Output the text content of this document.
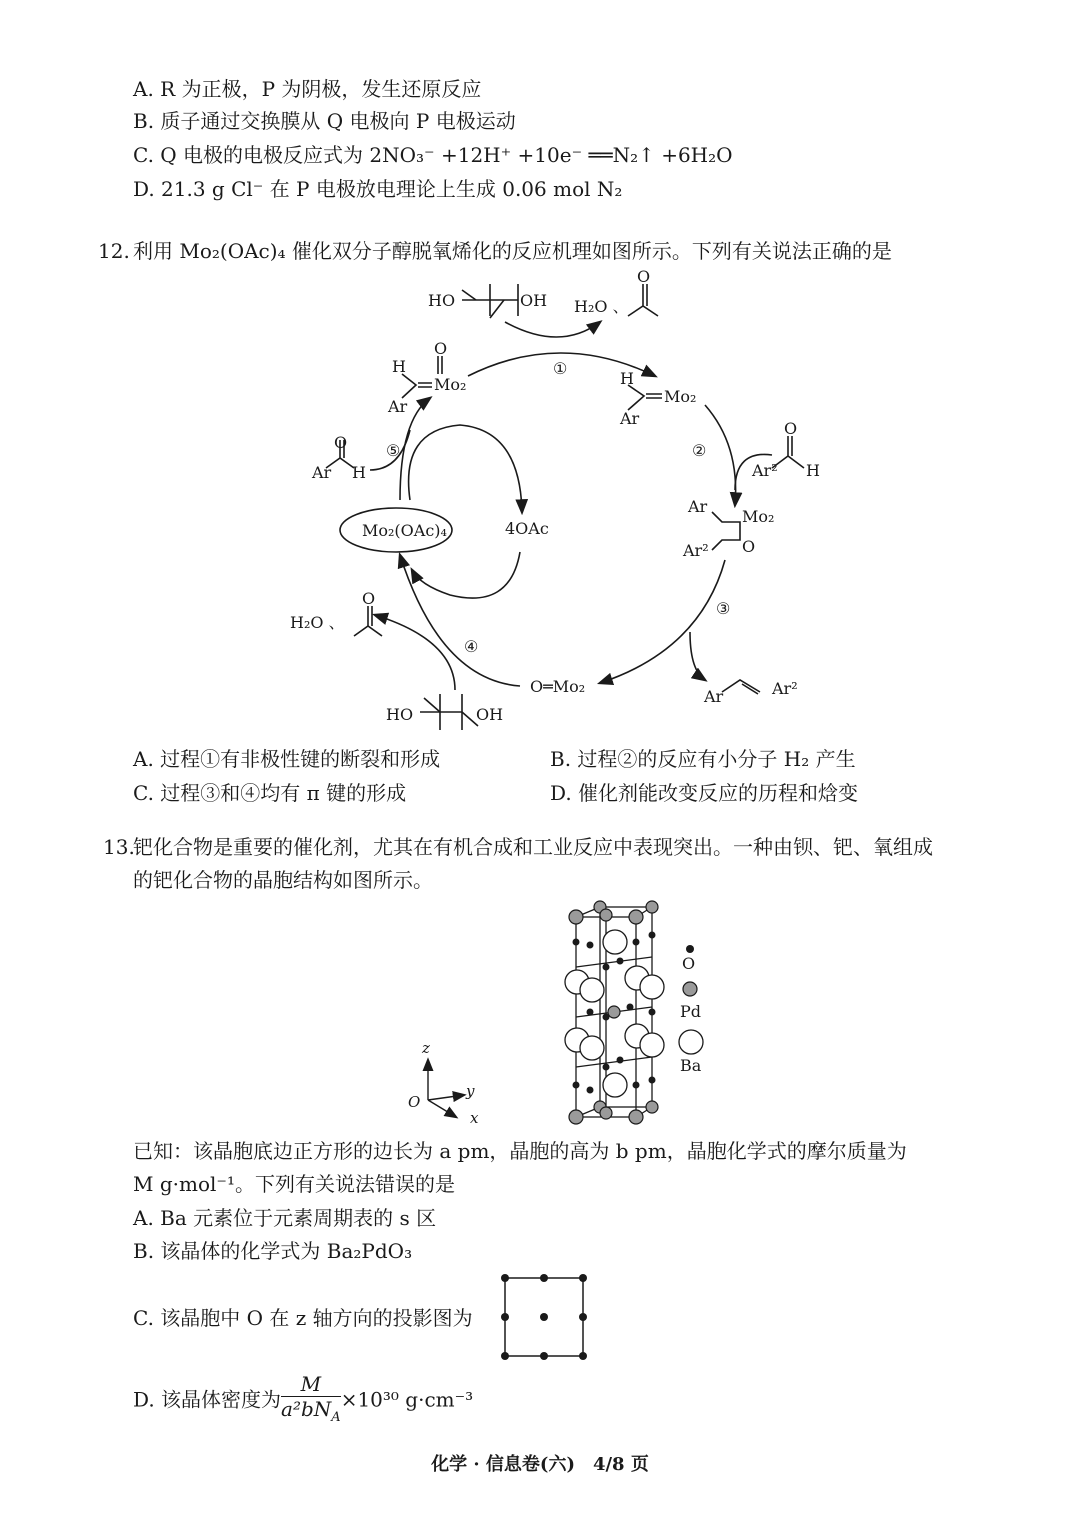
A. R 为正极，P 为阴极，发生还原反应
B. 质子通过交换膜从 Q 电极向 P 电极运动
C. Q 电极的电极反应式为 2NO₃⁻ +12H⁺ +10e⁻ ══N₂↑ +6H₂O
D. 21.3 g Cl⁻ 在 P 电极放电理论上生成 0.06 mol N₂
12. 利用 Mo₂(OAc)₄ 催化双分子醇脱氧烯化的反应机理如图所示。下列有关说法正确的是
HO	OH H₂O 、
O
①
H
O
Mo₂
Ar
H
Mo₂
Ar
②
O
Ar² H
⑤
O
Ar H
Mo₂(OAc)₄	4OAc
Ar
Mo₂
O
Ar²
③
Ar	Ar²
O═Mo₂
④
H₂O 、
O
HO	OH
A. 过程①有非极性键的断裂和形成	B. 过程②的反应有小分子 H₂ 产生
C. 过程③和④均有 π 键的形成	D. 催化剂能改变反应的历程和焓变
13.
钯化合物是重要的催化剂，尤其在有机合成和工业反应中表现突出。一种由钡、钯、氧组成
的钯化合物的晶胞结构如图所示。
O
Pd
Ba
z
y
x
O
已知：该晶胞底边正方形的边长为 a pm，晶胞的高为 b pm，晶胞化学式的摩尔质量为
M g·mol⁻¹。下列有关说法错误的是
A. Ba 元素位于元素周期表的 s 区
B. 该晶体的化学式为 Ba₂PdO₃
C. 该晶胞中 O 在 z 轴方向的投影图为
D. 该晶体密度为 $\frac{M}{a^2bN_A} \times 10^{30}$ g·cm⁻³
化学 · 信息卷(六)　4/8 页
